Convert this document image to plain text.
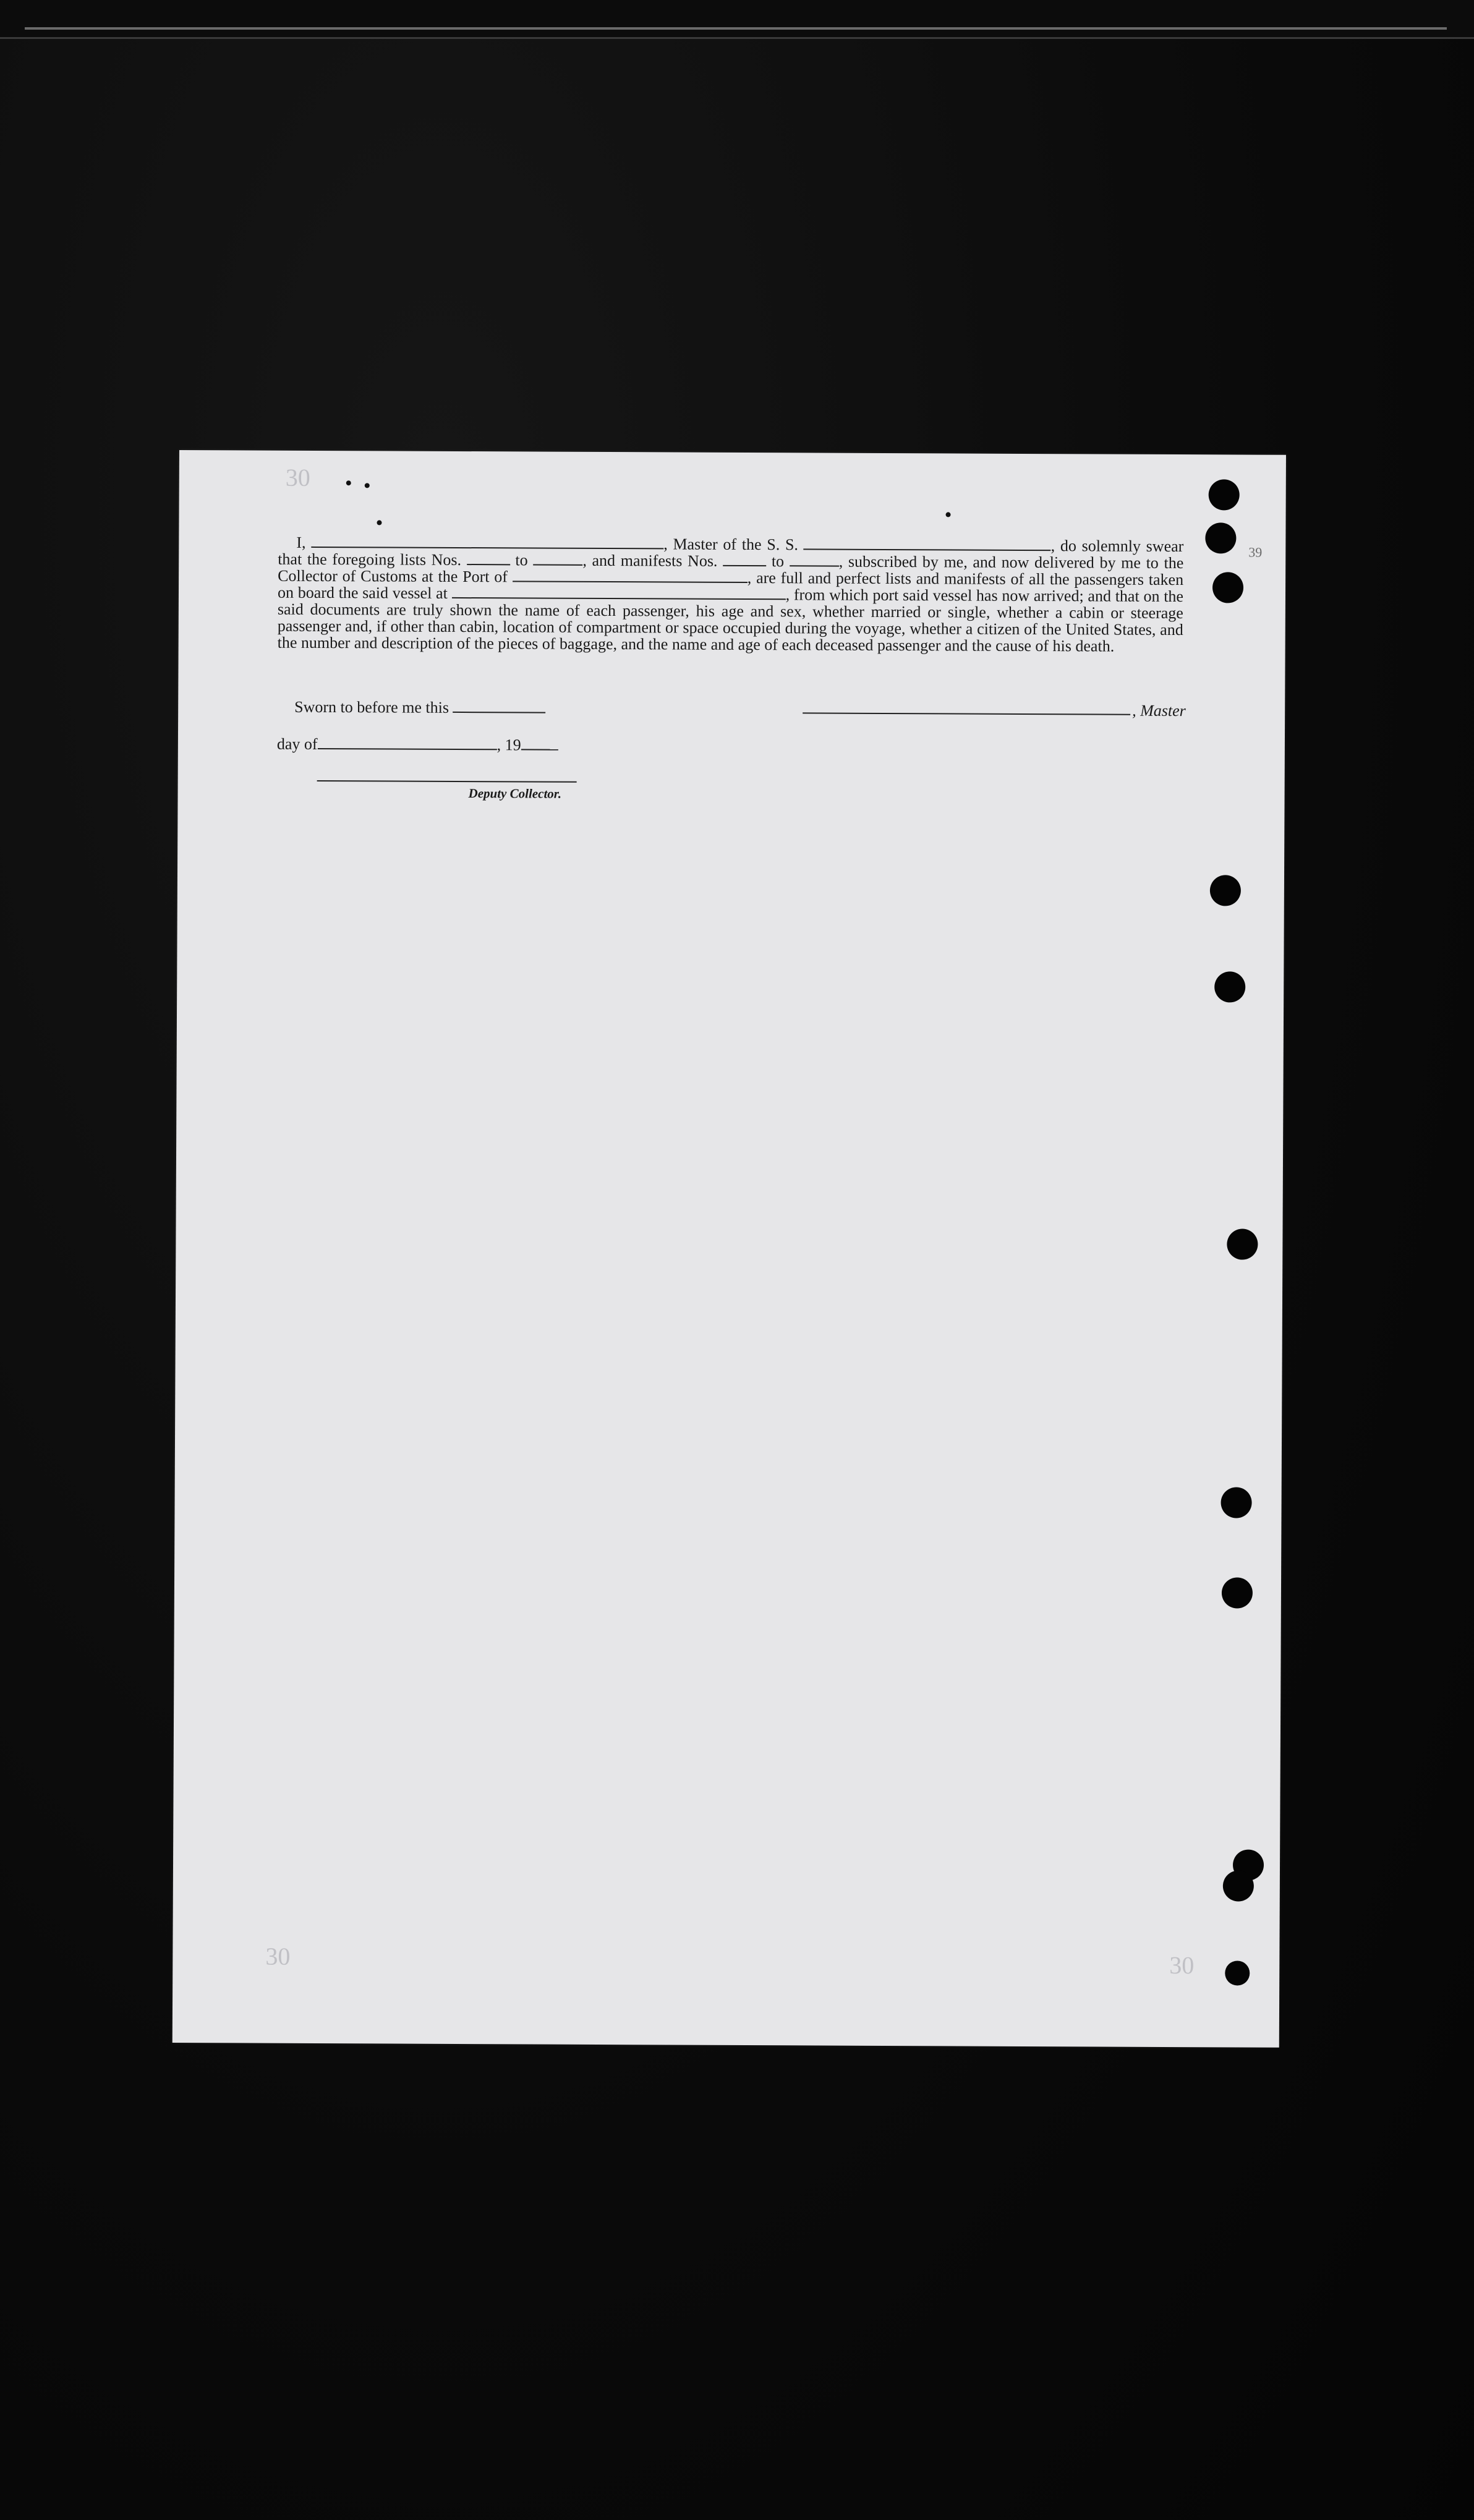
39
30
30	30

I,	, Master of the S. S.	, do solemnly swear that the foregoing lists Nos.	to	, and manifests Nos.	to	, subscribed by me, and now delivered by me to the Collector of Customs at the Port of	, are full and perfect lists and manifests of all the passengers taken on board the said vessel at	, from which port said vessel has now arrived; and that on the said documents are truly shown the name of each passenger, his age and sex, whether married or single, whether a cabin or steerage passenger and, if other than cabin, location of compartment or space occupied during the voyage, whether a citizen of the United States, and the number and description of the pieces of baggage, and the name and age of each deceased passenger and the cause of his death.

Sworn to before me this
day of	, 19
Deputy Collector.
, Master
